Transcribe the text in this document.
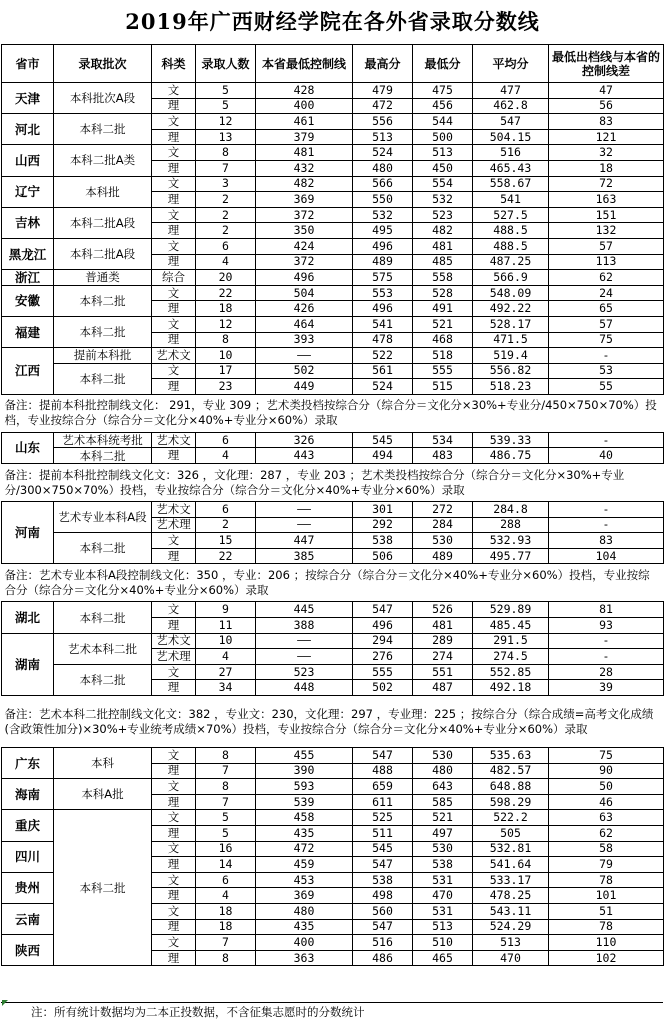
2019年广西财经学院在各外省录取分数线
省市	录取批次	科类	录取人数	本省最低控制线	最高分	最低分	平均分	最低出档线与本省的控制线差
天津	本科批次A段	文	5	428	479	475	477	47
		理	5	400	472	456	462.8	56
河北	本科二批	文	12	461	556	544	547	83
		理	13	379	513	500	504.15	121
山西	本科二批A类	文	8	481	524	513	516	32
		理	7	432	480	450	465.43	18
辽宁	本科批	文	3	482	566	554	558.67	72
		理	2	369	550	532	541	163
吉林	本科二批A段	文	2	372	532	523	527.5	151
		理	2	350	495	482	488.5	132
黑龙江	本科二批A段	文	6	424	496	481	488.5	57
		理	4	372	489	485	487.25	113
浙江	普通类	综合	20	496	575	558	566.9	62
安徽	本科二批	文	22	504	553	528	548.09	24
		理	18	426	496	491	492.22	65
福建	本科二批	文	12	464	541	521	528.17	57
		理	8	393	478	468	471.5	75
江西	提前本科批	艺术文	10	——	522	518	519.4	-
	本科二批	文	17	502	561	555	556.82	53
		理	23	449	524	515	518.23	55
备注：提前本科批控制线文化： 291，专业 309 ；艺术类投档按综合分（综合分＝文化分×30%+专业分/450×750×70%）投档，专业按综合分（综合分＝文化分×40%+专业分×60%）录取								
山东	艺术本科统考批	艺术文	6	326	545	534	539.33	-
	本科二批	理	4	443	494	483	486.75	40
备注：提前本科批控制线文化文：326 ，文化理：287 ，专业 203 ；艺术类投档按综合分（综合分＝文化分×30%+专业分/300×750×70%）投档，专业按综合分（综合分＝文化分×40%+专业分×60%）录取								
河南	艺术专业本科A段	艺术文	6	——	301	272	284.8	-
		艺术理	2	——	292	284	288	-
	本科二批	文	15	447	538	530	532.93	83
		理	22	385	506	489	495.77	104
备注：艺术专业本科A段控制线文化：350 ，专业：206 ；按综合分（综合分＝文化分×40%+专业分×60%）投档，专业按综合分（综合分＝文化分×40%+专业分×60%）录取								
湖北	本科二批	文	9	445	547	526	529.89	81
		理	11	388	496	481	485.45	93
湖南	艺术本科二批	艺术文	10	——	294	289	291.5	-
		艺术理	4	——	276	274	274.5	-
	本科二批	文	27	523	555	551	552.85	28
		理	34	448	502	487	492.18	39
备注：艺术本科二批控制线文化文：382 ，专业文：230，文化理：297 ，专业理：225 ；按综合分（综合成绩=高考文化成绩(含政策性加分)×30%+专业统考成绩×70%）投档，专业按综合分（综合分＝文化分×40%+专业分×60%）录取								
广东	本科	文	8	455	547	530	535.63	75
		理	7	390	488	480	482.57	90
海南	本科A批	文	8	593	659	643	648.88	50
		理	7	539	611	585	598.29	46
重庆	本科二批	文	5	458	525	521	522.2	63
		理	5	435	511	497	505	62
四川		文	16	472	545	530	532.81	58
		理	14	459	547	538	541.64	79
贵州		文	6	453	538	531	533.17	78
		理	4	369	498	470	478.25	101
云南		文	18	480	560	531	543.11	51
		理	18	435	547	513	524.29	78
陕西		文	7	400	516	510	513	110
		理	8	363	486	465	470	102
注：所有统计数据均为二本正投数据，不含征集志愿时的分数统计
